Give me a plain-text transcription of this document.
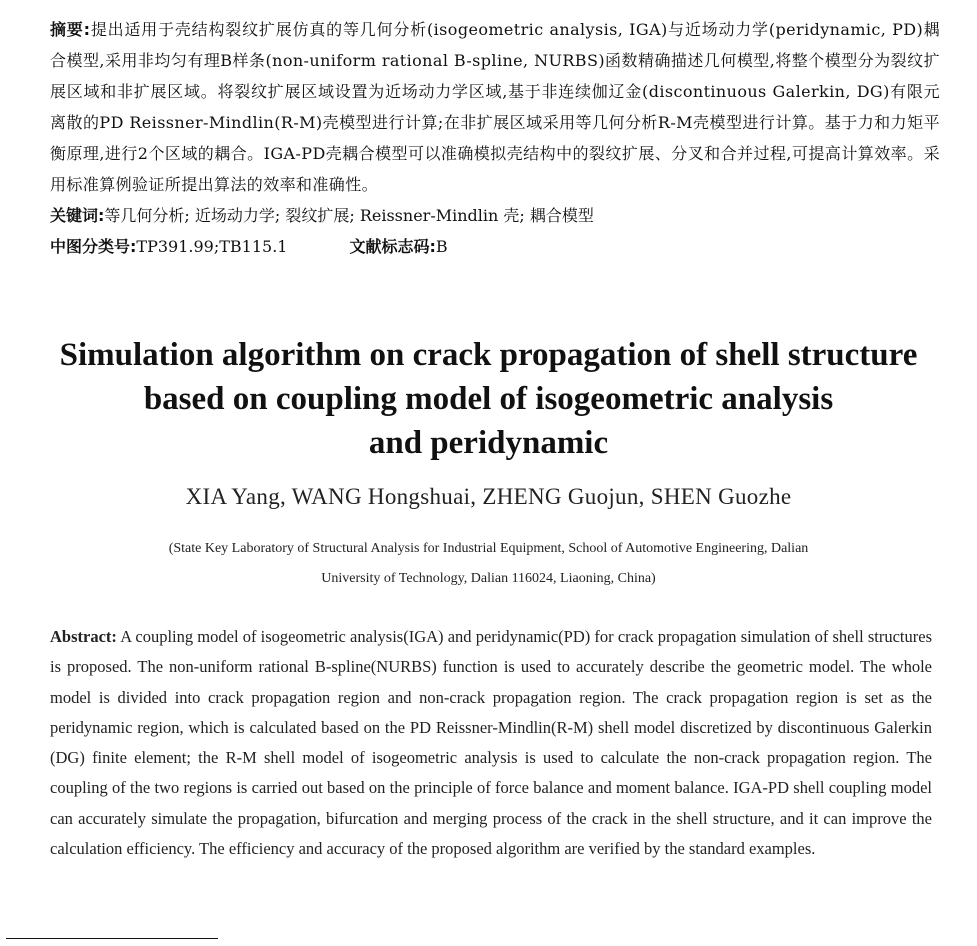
摘要:提出适用于壳结构裂纹扩展仿真的等几何分析(isogeometric analysis, IGA)与近场动力学(peridynamic, PD)耦合模型,采用非均匀有理B样条(non-uniform rational B-spline, NURBS)函数精确描述几何模型,将整个模型分为裂纹扩展区域和非扩展区域。将裂纹扩展区域设置为近场动力学区域,基于非连续伽辽金(discontinuous Galerkin, DG)有限元离散的PD Reissner-Mindlin(R-M)壳模型进行计算;在非扩展区域采用等几何分析R-M壳模型进行计算。基于力和力矩平衡原理,进行2个区域的耦合。IGA-PD壳耦合模型可以准确模拟壳结构中的裂纹扩展、分叉和合并过程,可提高计算效率。采用标准算例验证所提出算法的效率和准确性。

关键词:等几何分析; 近场动力学; 裂纹扩展; Reissner-Mindlin 壳; 耦合模型

中图分类号:TP391.99;TB115.1	文献标志码:B

Simulation algorithm on crack propagation of shell structure
based on coupling model of isogeometric analysis
and peridynamic

XIA Yang, WANG Hongshuai, ZHENG Guojun, SHEN Guozhe

(State Key Laboratory of Structural Analysis for Industrial Equipment, School of Automotive Engineering, Dalian
University of Technology, Dalian 116024, Liaoning, China)

Abstract: A coupling model of isogeometric analysis(IGA) and peridynamic(PD) for crack propagation simulation of shell structures is proposed. The non-uniform rational B-spline(NURBS) function is used to accurately describe the geometric model. The whole model is divided into crack propagation region and non-crack propagation region. The crack propagation region is set as the peridynamic region, which is calculated based on the PD Reissner-Mindlin(R-M) shell model discretized by discontinuous Galerkin (DG) finite element; the R-M shell model of isogeometric analysis is used to calculate the non-crack propagation region. The coupling of the two regions is carried out based on the principle of force balance and moment balance. IGA-PD shell coupling model can accurately simulate the propagation, bifurcation and merging process of the crack in the shell structure, and it can improve the calculation efficiency. The efficiency and accuracy of the proposed algorithm are verified by the standard examples.
